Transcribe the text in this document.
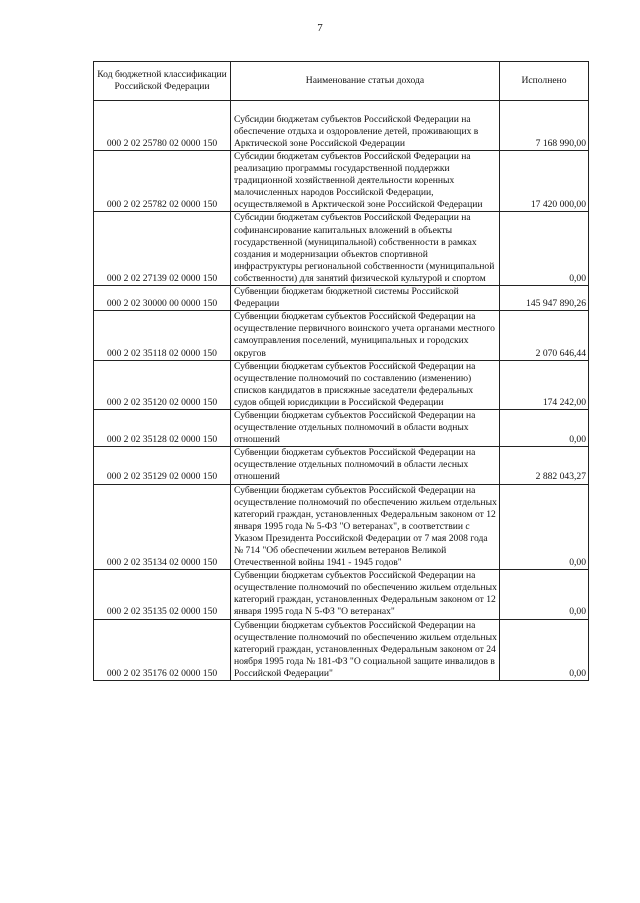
7
Код бюджетной классификации Российской Федерации	Наименование статьи дохода	Исполнено
000 2 02 25780 02 0000 150	Субсидии бюджетам субъектов Российской Федерации на обеспечение отдыха и оздоровление детей, проживающих в Арктической зоне Российской Федерации	7 168 990,00
000 2 02 25782 02 0000 150	Субсидии бюджетам субъектов Российской Федерации на реализацию программы государственной поддержки традиционной хозяйственной деятельности коренных малочисленных народов Российской Федерации, осуществляемой в Арктической зоне Российской Федерации	17 420 000,00
000 2 02 27139 02 0000 150	Субсидии бюджетам субъектов Российской Федерации на софинансирование капитальных вложений в объекты государственной (муниципальной) собственности в рамках создания и модернизации объектов спортивной инфраструктуры региональной собственности (муниципальной собственности) для занятий физической культурой и спортом	0,00
000 2 02 30000 00 0000 150	Субвенции бюджетам бюджетной системы Российской Федерации	145 947 890,26
000 2 02 35118 02 0000 150	Субвенции бюджетам субъектов Российской Федерации на осуществление первичного воинского учета органами местного самоуправления поселений, муниципальных и городских округов	2 070 646,44
000 2 02 35120 02 0000 150	Субвенции бюджетам субъектов Российской Федерации на осуществление полномочий по составлению (изменению) списков кандидатов в присяжные заседатели федеральных судов общей юрисдикции в Российской Федерации	174 242,00
000 2 02 35128 02 0000 150	Субвенции бюджетам субъектов Российской Федерации на осуществление отдельных полномочий в области водных отношений	0,00
000 2 02 35129 02 0000 150	Субвенции бюджетам субъектов Российской Федерации на осуществление отдельных полномочий в области лесных отношений	2 882 043,27
000 2 02 35134 02 0000 150	Субвенции бюджетам субъектов Российской Федерации на осуществление полномочий по обеспечению жильем отдельных категорий граждан, установленных Федеральным законом от 12 января 1995 года № 5-ФЗ "О ветеранах", в соответствии с Указом Президента Российской Федерации от 7 мая 2008 года № 714 "Об обеспечении жильем ветеранов Великой Отечественной войны 1941 - 1945 годов"	0,00
000 2 02 35135 02 0000 150	Субвенции бюджетам субъектов Российской Федерации на осуществление полномочий по обеспечению жильем отдельных категорий граждан, установленных Федеральным законом от 12 января 1995 года N 5-ФЗ "О ветеранах"	0,00
000 2 02 35176 02 0000 150	Субвенции бюджетам субъектов Российской Федерации на осуществление полномочий по обеспечению жильем отдельных категорий граждан, установленных Федеральным законом от 24 ноября 1995 года № 181-ФЗ "О социальной защите инвалидов в Российской Федерации"	0,00
